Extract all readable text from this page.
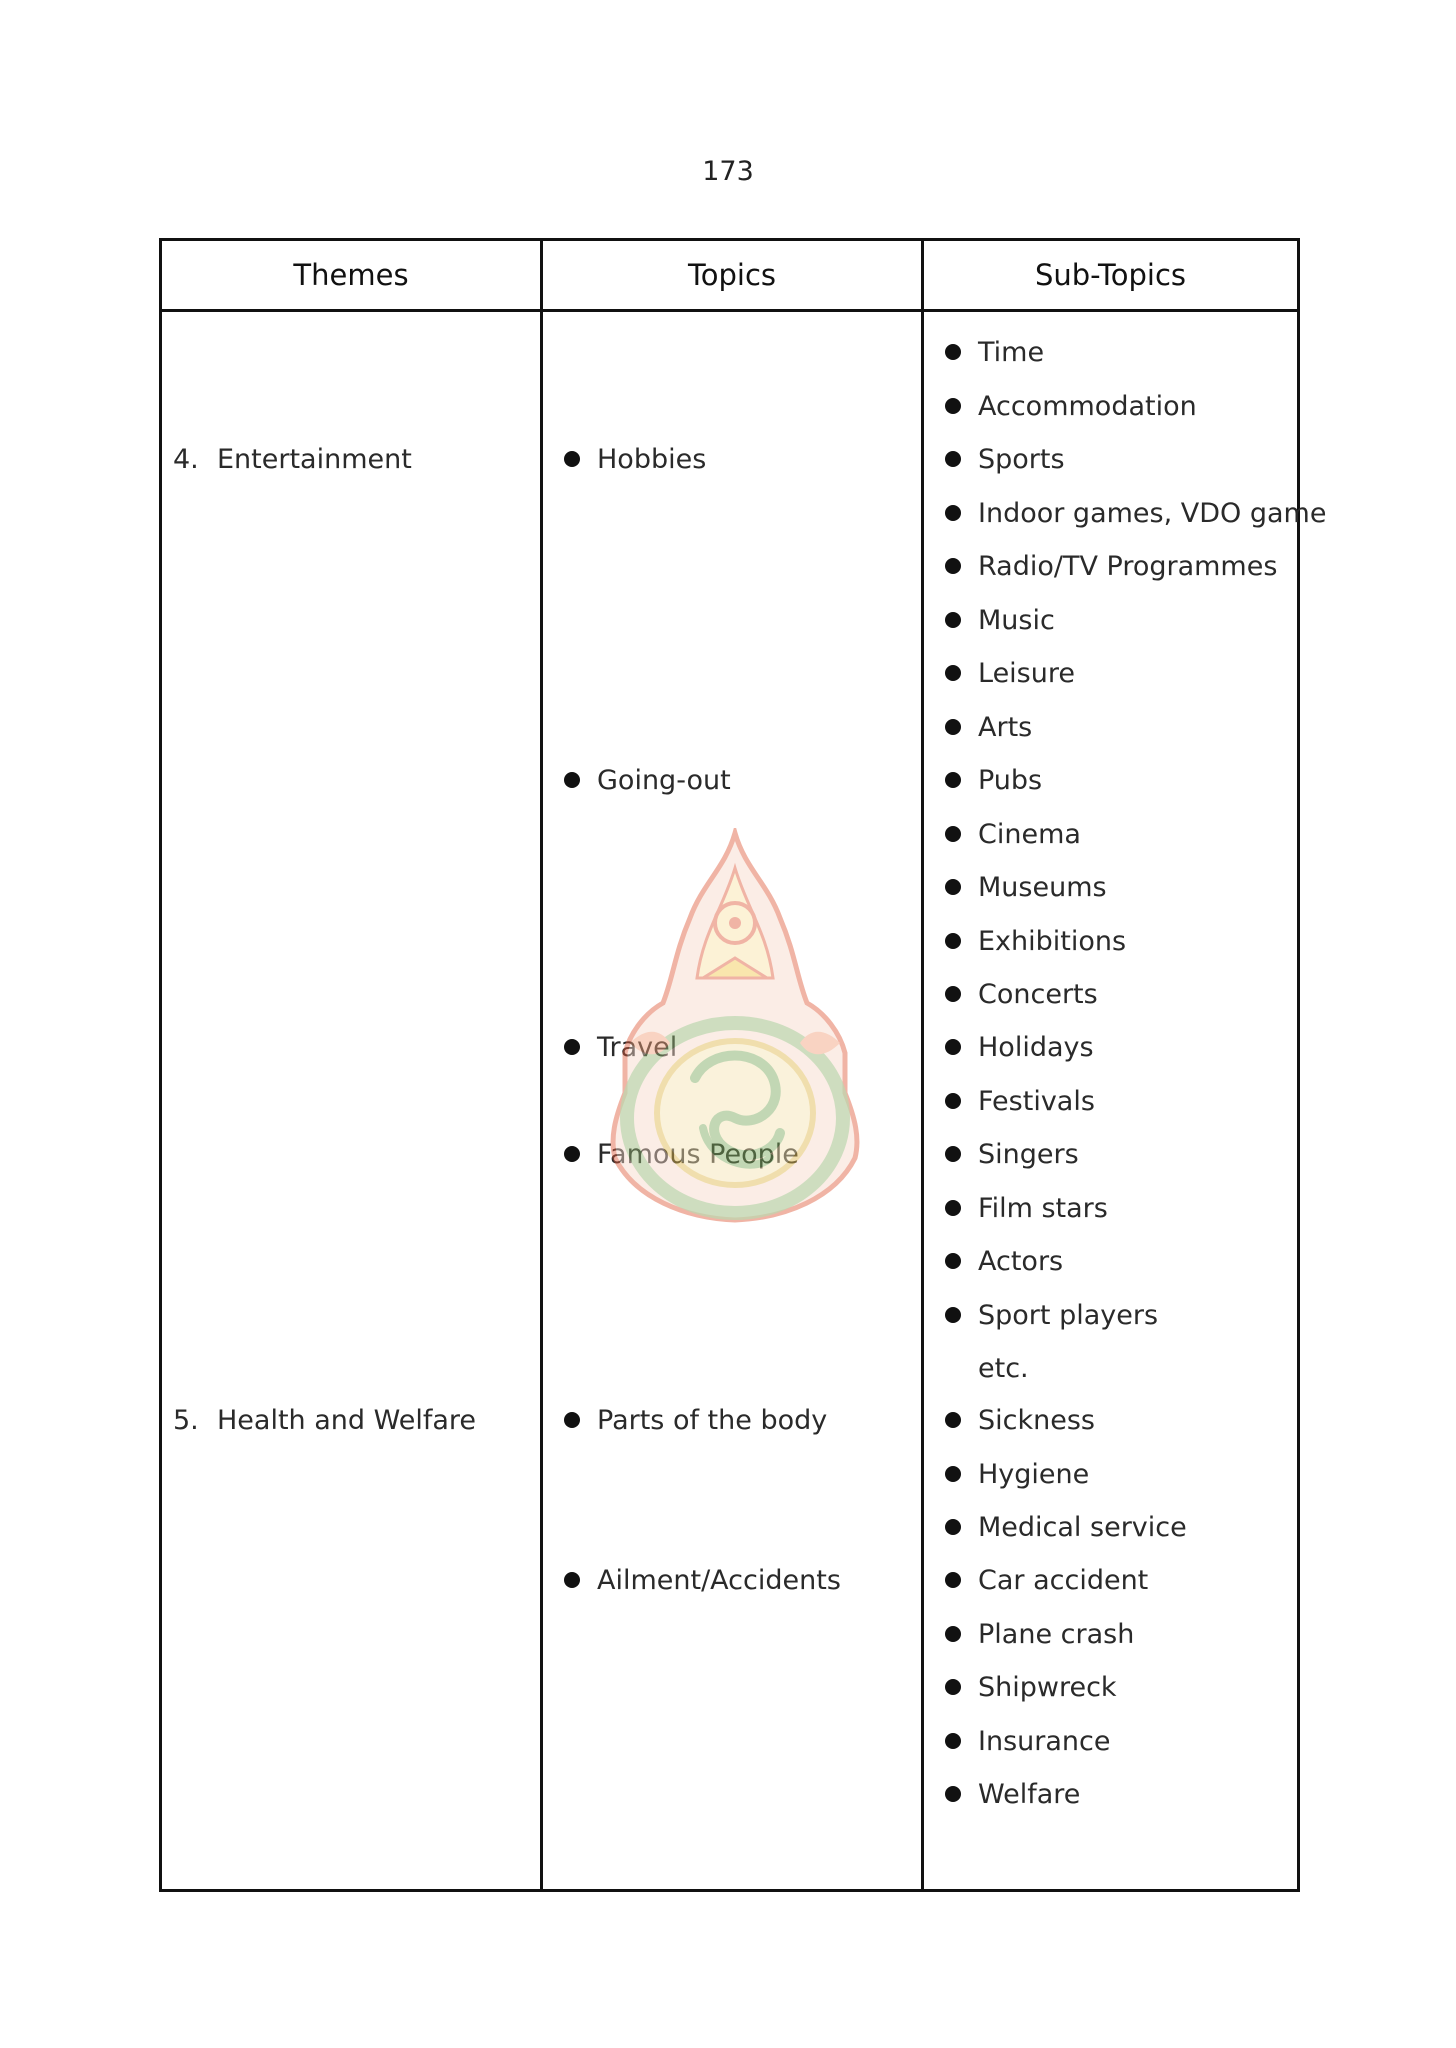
173
Themes	Topics	Sub-Topics
4. Entertainment
5. Health and Welfare
Hobbies
Going-out
Travel
Famous People
Parts of the body
Ailment/Accidents
Time
Accommodation
Sports
Indoor games, VDO game
Radio/TV Programmes
Music
Leisure
Arts
Pubs
Cinema
Museums
Exhibitions
Concerts
Holidays
Festivals
Singers
Film stars
Actors
Sport players
etc.
Sickness
Hygiene
Medical service
Car accident
Plane crash
Shipwreck
Insurance
Welfare
